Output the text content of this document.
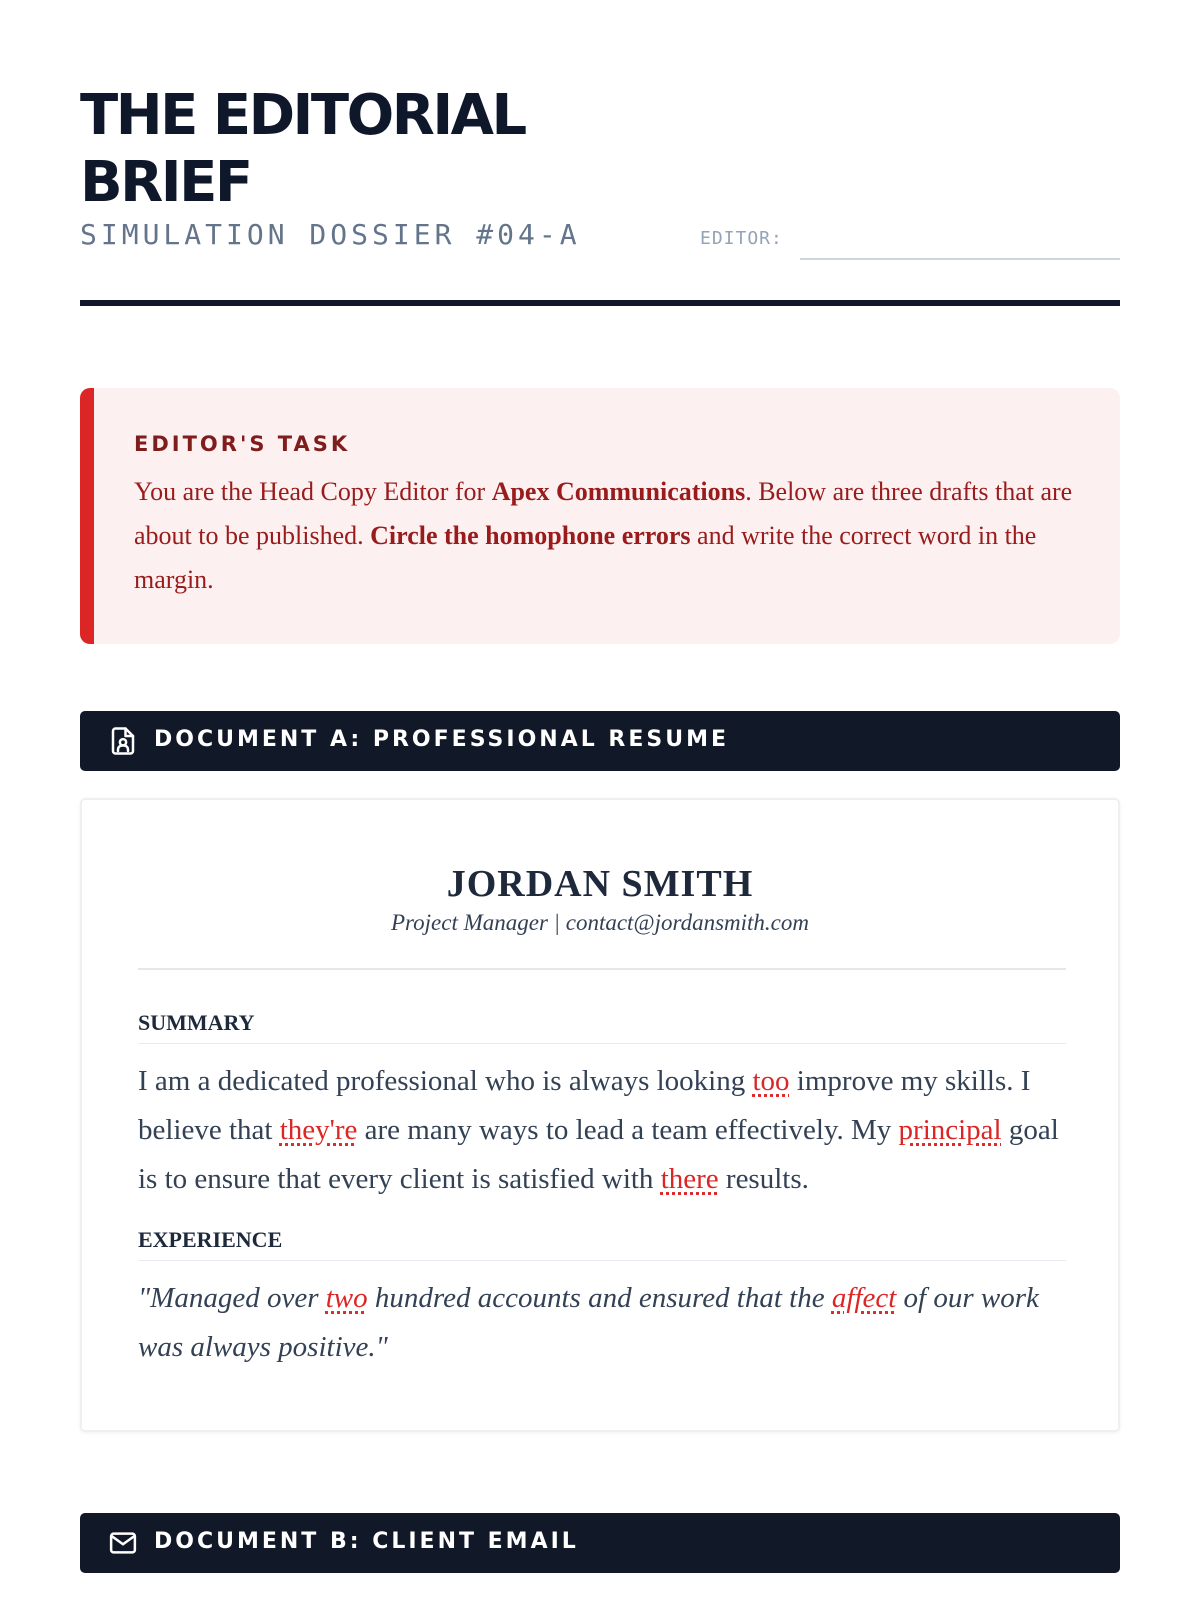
THE EDITORIAL BRIEF
SIMULATION DOSSIER #04-A	EDITOR:
EDITOR'S TASK

You are the Head Copy Editor for Apex Communications. Below are three drafts that are about to be published. Circle the homophone errors and write the correct word in the margin.

DOCUMENT A: PROFESSIONAL RESUME
JORDAN SMITH
Project Manager | contact@jordansmith.com
SUMMARY

I am a dedicated professional who is always looking too improve my skills. I believe that they're are many ways to lead a team effectively. My principal goal is to ensure that every client is satisfied with there results.

EXPERIENCE

"Managed over two hundred accounts and ensured that the affect of our work was always positive."

DOCUMENT B: CLIENT EMAIL
